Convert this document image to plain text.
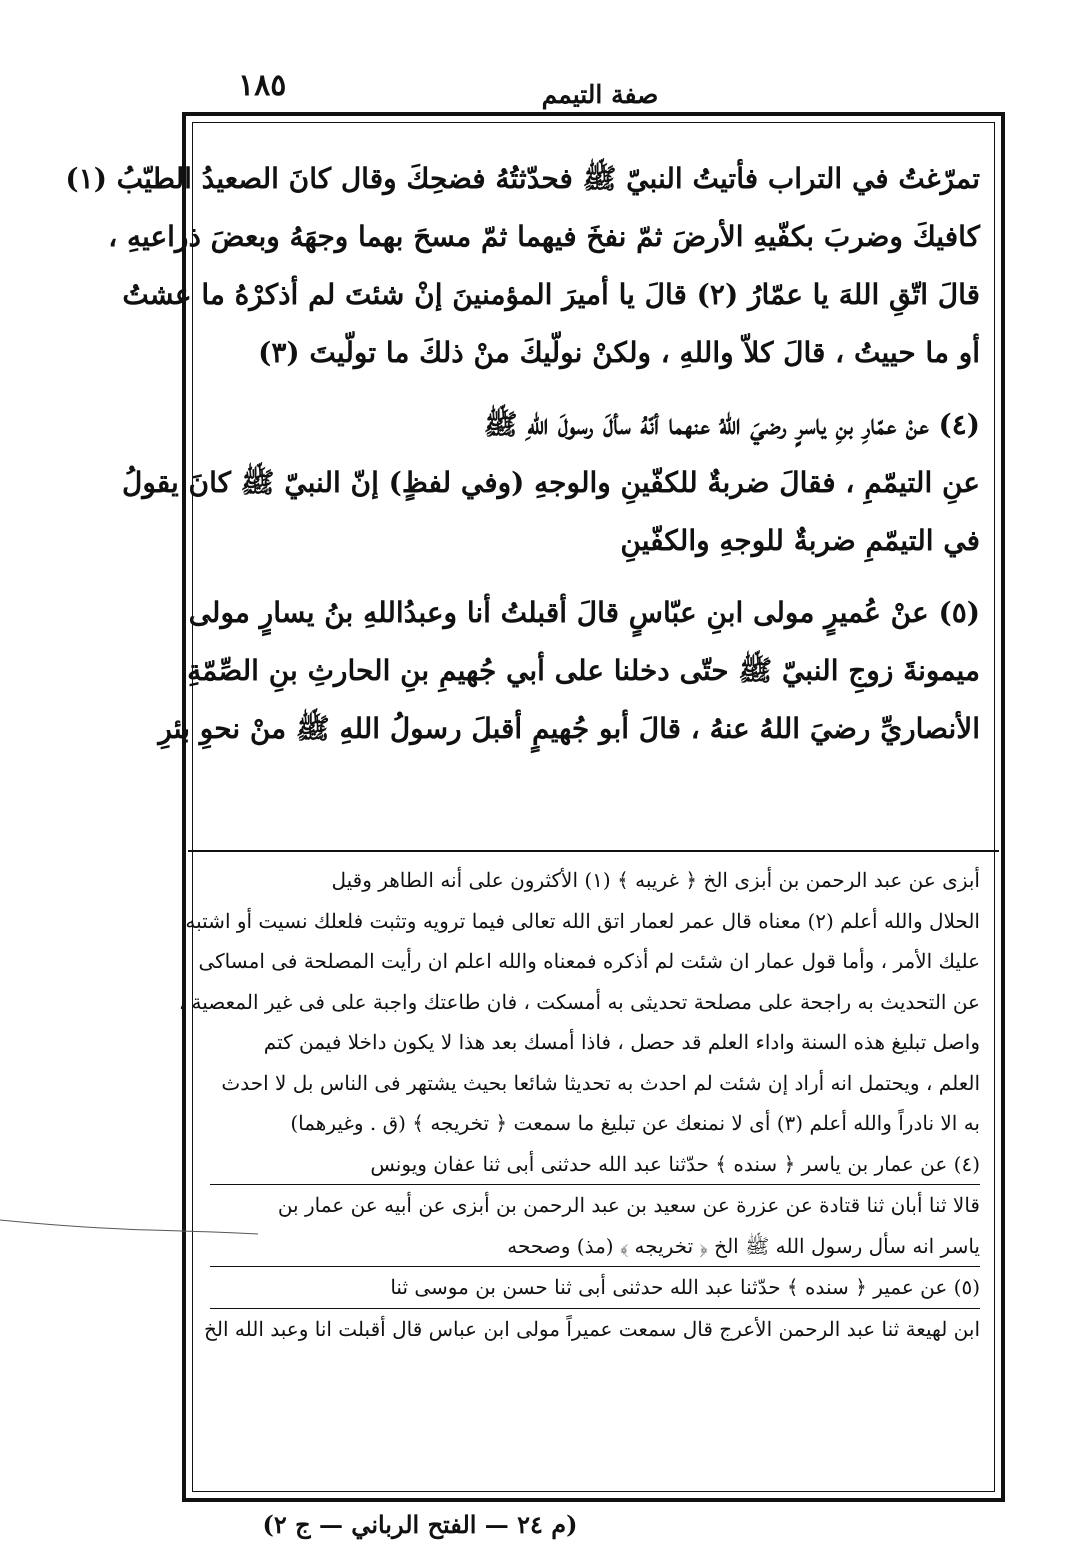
صفة التيمم
١٨٥
تمرّغتُ في التراب فأتيتُ النبيّ ﷺ فحدّثتُهُ فضحِكَ وقال كانَ الصعيدُ الطيّبُ (١)
كافيكَ وضربَ بكفّيهِ الأرضَ ثمّ نفخَ فيهما ثمّ مسحَ بهما وجهَهُ وبعضَ ذراعيهِ ،
قالَ اتّقِ اللهَ يا عمّارُ (٢) قالَ يا أميرَ المؤمنينَ إنْ شئتَ لم أذكرْهُ ما عشتُ
أو ما حييتُ ، قالَ كلاّ واللهِ ، ولكنْ نولّيكَ منْ ذلكَ ما تولّيتَ (٣)
(٤) عنْ عمّارِ بنِ ياسرٍ رضيَ اللهُ عنهما أنّهُ سألَ رسولَ اللهِ ﷺ
عنِ التيمّمِ ، فقالَ ضربةٌ للكفّينِ والوجهِ (وفي لفظٍ) إنّ النبيّ ﷺ كانَ يقولُ
في التيمّمِ ضربةٌ للوجهِ والكفّينِ
(٥) عنْ عُميرٍ مولى ابنِ عبّاسٍ قالَ أقبلتُ أنا وعبدُاللهِ بنُ يسارٍ مولى
ميمونةَ زوجِ النبيّ ﷺ حتّى دخلنا على أبي جُهيمِ بنِ الحارثِ بنِ الصِّمّةِ
الأنصاريِّ رضيَ اللهُ عنهُ ، قالَ أبو جُهيمٍ أقبلَ رسولُ اللهِ ﷺ منْ نحوِ بئرِ
أبزى عن عبد الرحمن بن أبزى الخ ﴿ غريبه ﴾ (١) الأكثرون على أنه الطاهر وقيل
الحلال والله أعلم (٢) معناه قال عمر لعمار اتق الله تعالى فيما ترويه وتثبت فلعلك نسيت أو اشتبه
عليك الأمر ، وأما قول عمار ان شئت لم أذكره فمعناه والله اعلم ان رأيت المصلحة فى امساكى
عن التحديث به راجحة على مصلحة تحديثى به أمسكت ، فان طاعتك واجبة على فى غير المعصية ،
واصل تبليغ هذه السنة واداء العلم قد حصل ، فاذا أمسك بعد هذا لا يكون داخلا فيمن كتم
العلم ، ويحتمل انه أراد إن شئت لم احدث به تحديثا شائعا بحيث يشتهر فى الناس بل لا احدث
به الا نادراً والله أعلم (٣) أى لا نمنعك عن تبليغ ما سمعت ﴿ تخريجه ﴾ (ق . وغيرهما)
(٤) عن عمار بن ياسر ﴿ سنده ﴾ حدّثنا عبد الله حدثنى أبى ثنا عفان ويونس
قالا ثنا أبان ثنا قتادة عن عزرة عن سعيد بن عبد الرحمن بن أبزى عن أبيه عن عمار بن
ياسر انه سأل رسول الله ﷺ الخ ﴿ تخريجه ﴾ (مذ) وصححه
(٥) عن عمير ﴿ سنده ﴾ حدّثنا عبد الله حدثنى أبى ثنا حسن بن موسى ثنا
ابن لهيعة ثنا عبد الرحمن الأعرج قال سمعت عميراً مولى ابن عباس قال أقبلت انا وعبد الله الخ
(م ٢٤ — الفتح الرباني — ج ٢)
